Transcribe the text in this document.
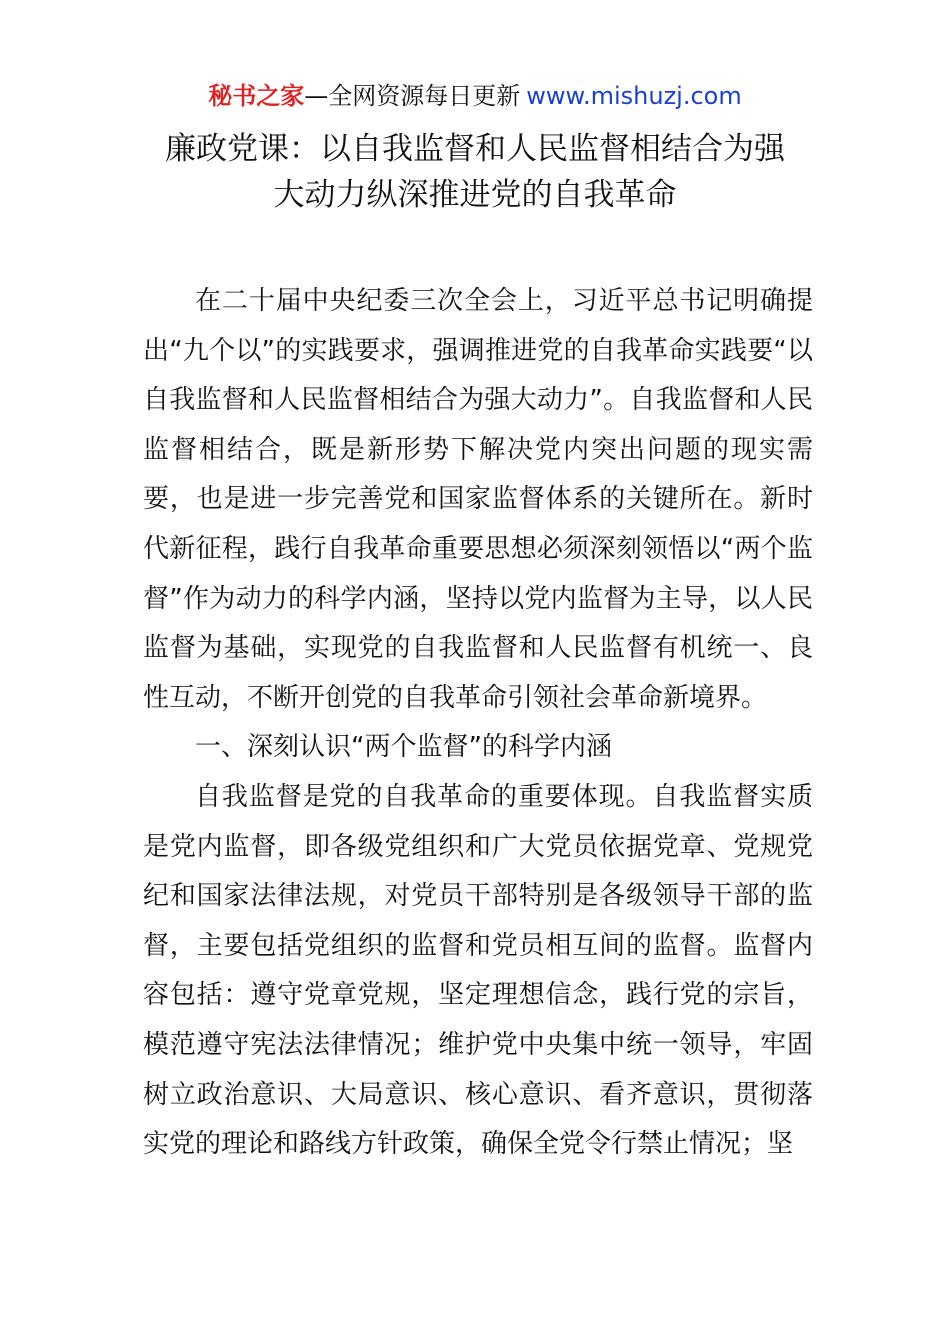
秘书之家—全网资源每日更新 www.mishuzj.com
廉政党课：以自我监督和人民监督相结合为强
大动力纵深推进党的自我革命

在二十届中央纪委三次全会上，习近平总书记明确提出“九个以”的实践要求，强调推进党的自我革命实践要“以自我监督和人民监督相结合为强大动力”。自我监督和人民监督相结合，既是新形势下解决党内突出问题的现实需要，也是进一步完善党和国家监督体系的关键所在。新时代新征程，践行自我革命重要思想必须深刻领悟以“两个监督”作为动力的科学内涵，坚持以党内监督为主导，以人民监督为基础，实现党的自我监督和人民监督有机统一、良性互动，不断开创党的自我革命引领社会革命新境界。

一、深刻认识“两个监督”的科学内涵

自我监督是党的自我革命的重要体现。自我监督实质是党内监督，即各级党组织和广大党员依据党章、党规党纪和国家法律法规，对党员干部特别是各级领导干部的监督，主要包括党组织的监督和党员相互间的监督。监督内容包括：遵守党章党规，坚定理想信念，践行党的宗旨，模范遵守宪法法律情况；维护党中央集中统一领导，牢固树立政治意识、大局意识、核心意识、看齐意识，贯彻落实党的理论和路线方针政策，确保全党令行禁止情况；坚
